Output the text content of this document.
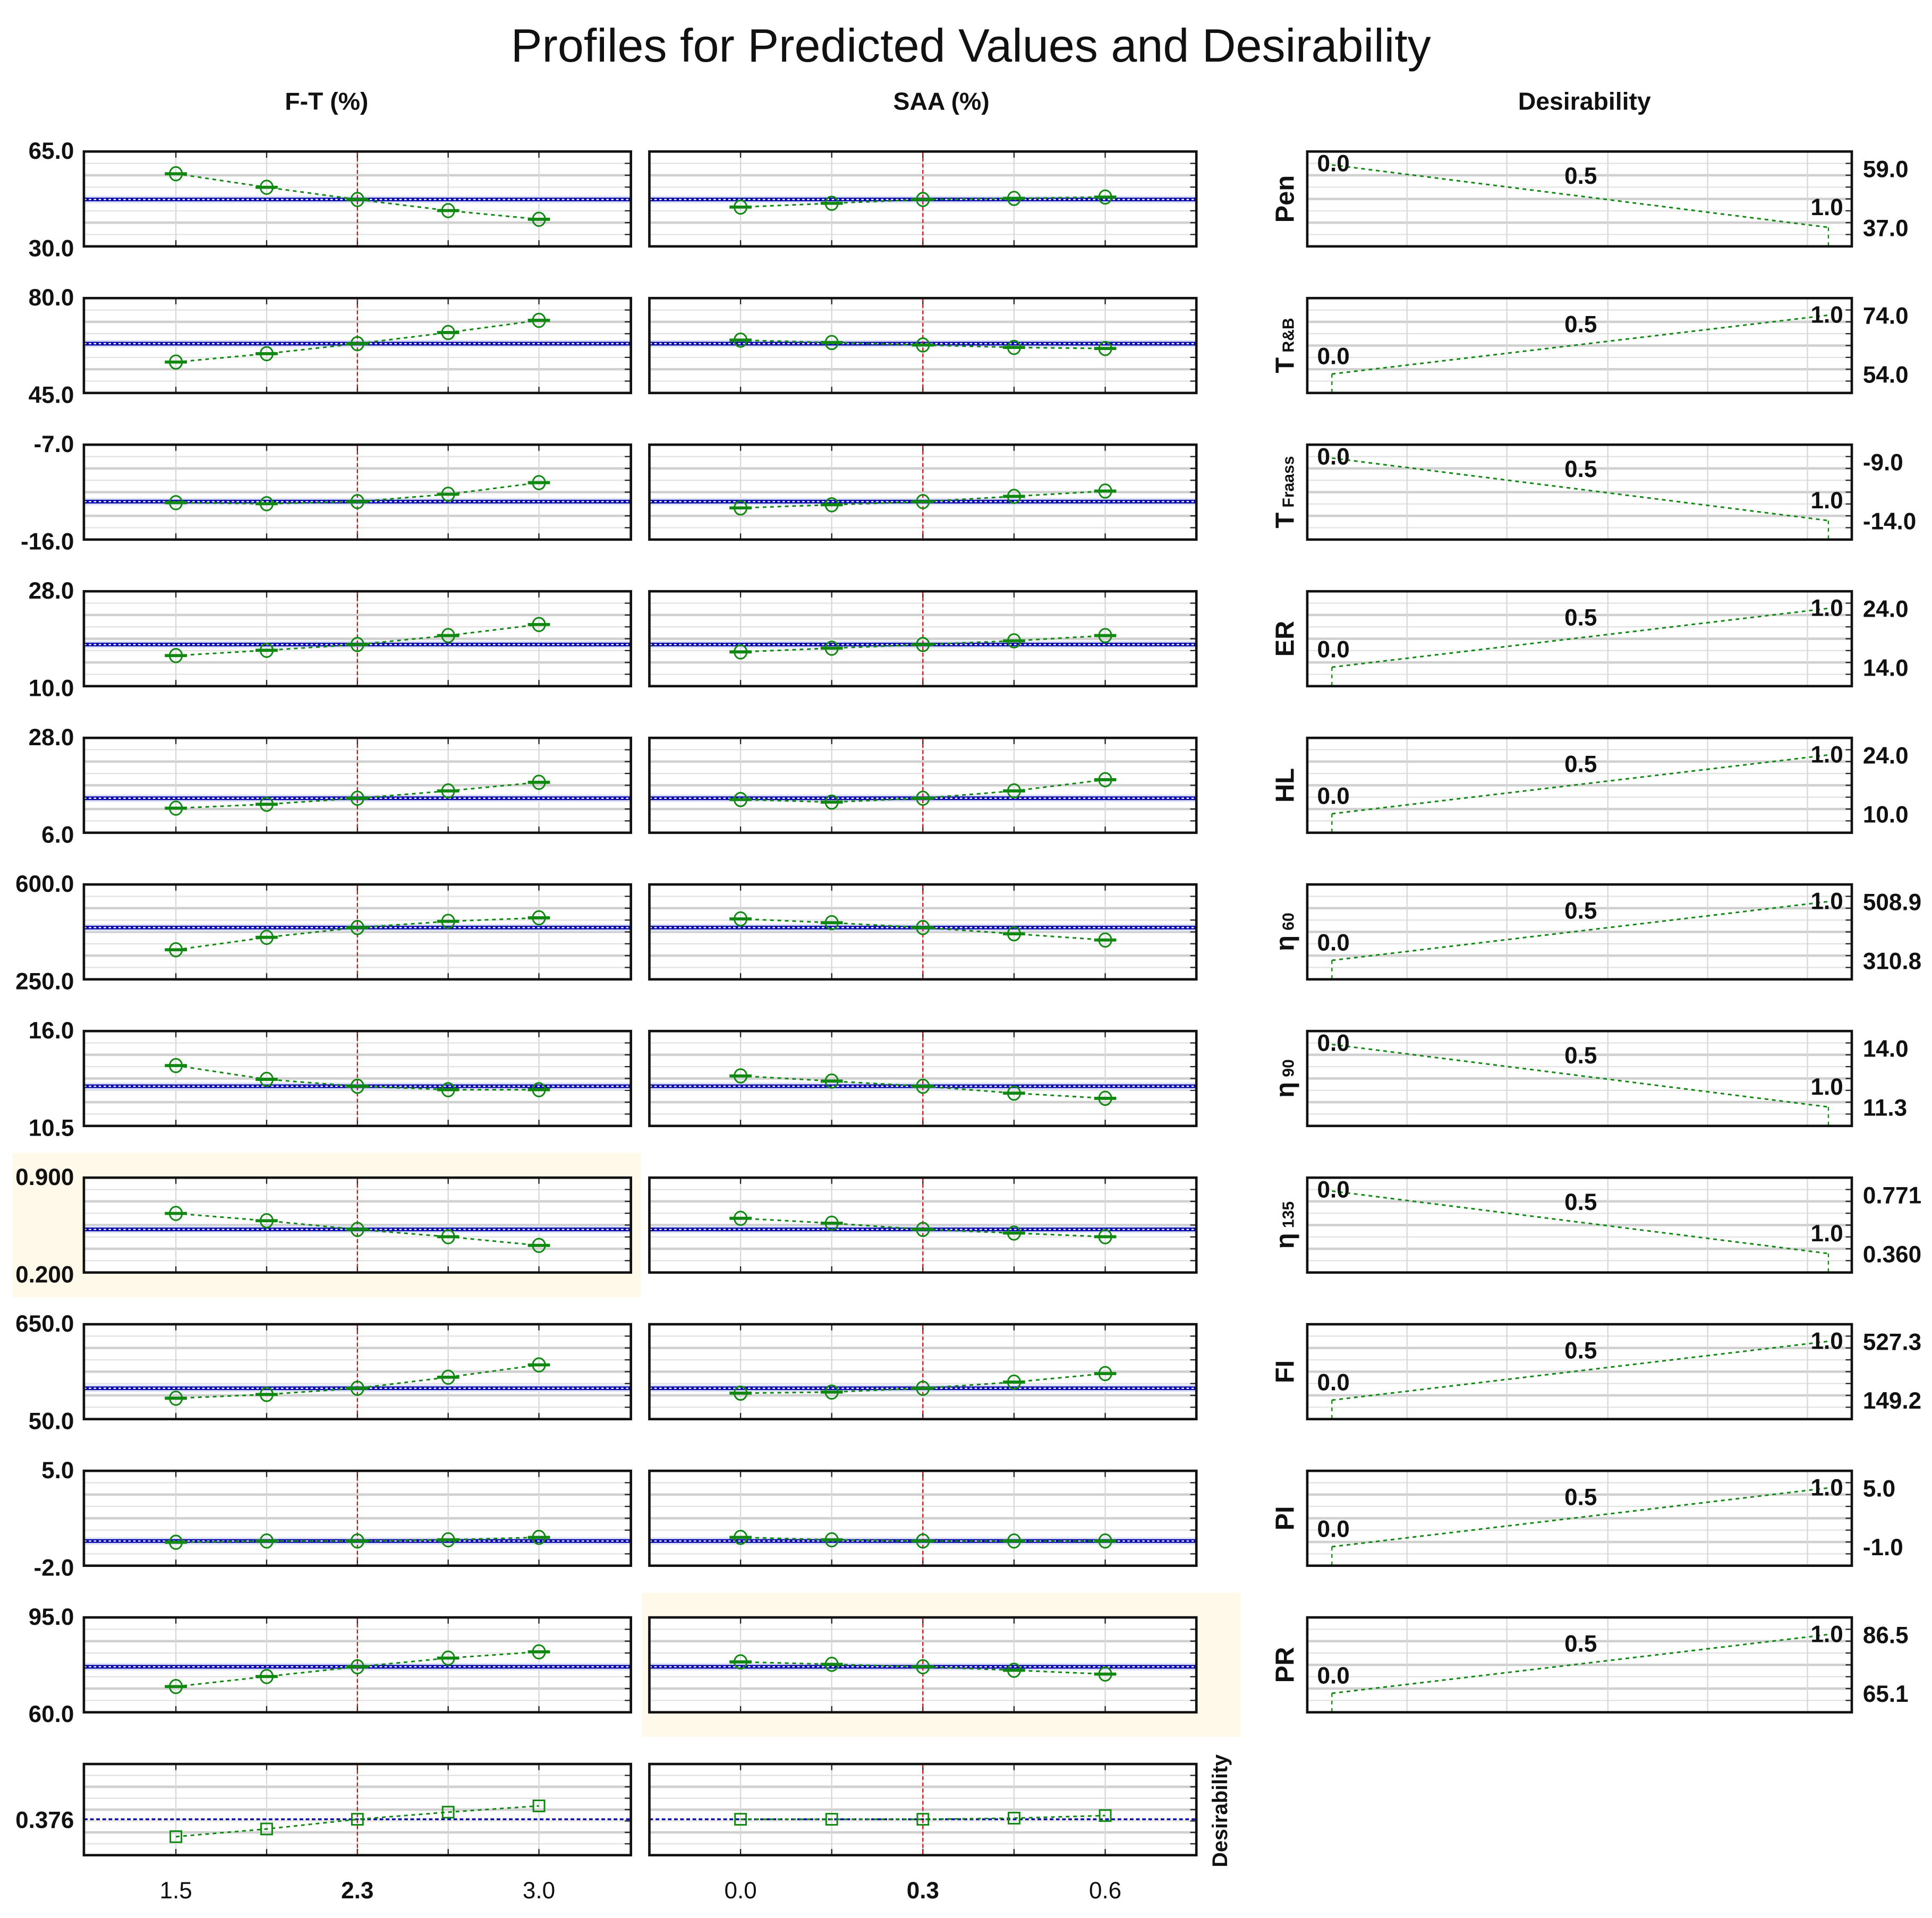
Profiles for Predicted Values and Desirability
F-T (%)	SAA (%)	Desirability
65.0
30.0
0.0	0.5
1.0
59.0
37.0
Pen
80.0
45.0
0.0
0.5	1.0 74.0
54.0
TR&B
-7.0
-16.0
0.0	0.5
1.0
-9.0
-14.0
TFraass
28.0
10.0
0.0
0.5	1.0 24.0
14.0
ER
28.0
6.0
0.0
0.5	1.0 24.0
10.0
HL
600.0
250.0
0.0
0.5	1.0 508.9
310.8
η60
16.0
10.5
0.0	0.5
1.0
14.0
11.3
η90
0.900
0.200
0.0	0.5
1.0
0.771
0.360
η135
650.0
50.0
0.0
0.5	1.0 527.3
149.2
FI
5.0
-2.0
0.0
0.5	1.0 5.0
-1.0
PI
95.0
60.0
0.0
0.5	1.0 86.5
65.1
PR
0.376	Desirability
1.5	2.3	3.0	0.0	0.3	0.6
